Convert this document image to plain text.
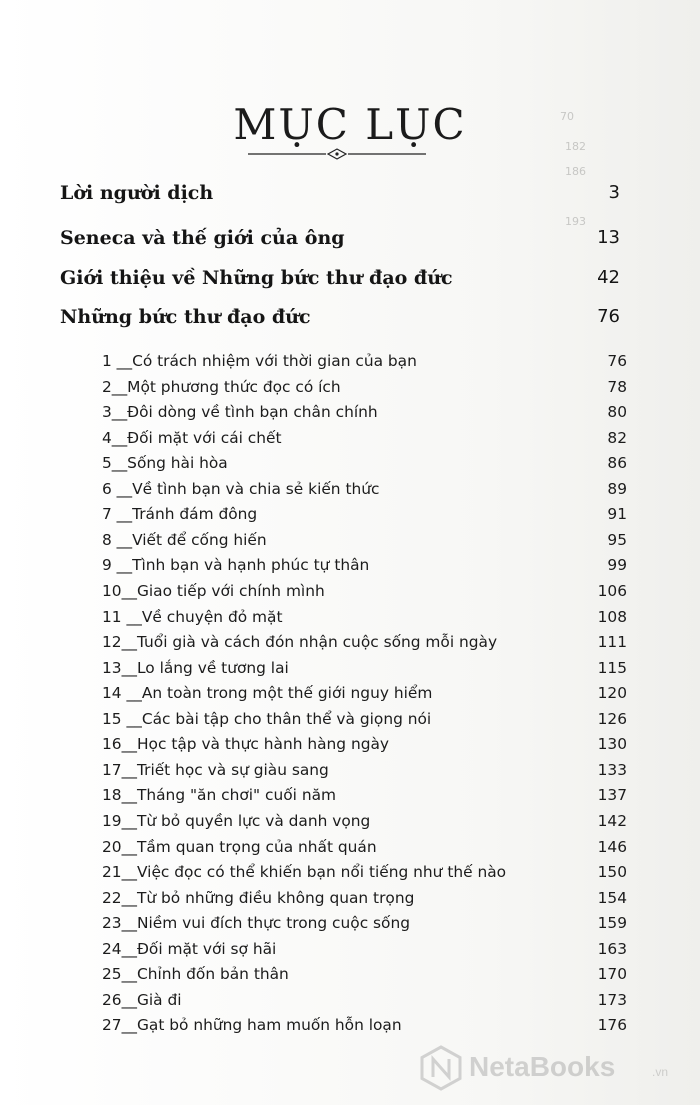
70
182
186
193
MỤC LỤC
Lời người dịch	3
Seneca và thế giới của ông	13
Giới thiệu về Những bức thư đạo đức	42
Những bức thư đạo đức	76
1 __Có trách nhiệm với thời gian của bạn	76
2__Một phương thức đọc có ích	78
3__Đôi dòng về tình bạn chân chính	80
4__Đối mặt với cái chết	82
5__Sống hài hòa	86
6 __Về tình bạn và chia sẻ kiến thức	89
7 __Tránh đám đông	91
8 __Viết để cống hiến	95
9 __Tình bạn và hạnh phúc tự thân	99
10__Giao tiếp với chính mình	106
11 __Về chuyện đỏ mặt	108
12__Tuổi già và cách đón nhận cuộc sống mỗi ngày	111
13__Lo lắng về tương lai	115
14 __An toàn trong một thế giới nguy hiểm	120
15 __Các bài tập cho thân thể và giọng nói	126
16__Học tập và thực hành hàng ngày	130
17__Triết học và sự giàu sang	133
18__Tháng "ăn chơi" cuối năm	137
19__Từ bỏ quyền lực và danh vọng	142
20__Tầm quan trọng của nhất quán	146
21__Việc đọc có thể khiến bạn nổi tiếng như thế nào	150
22__Từ bỏ những điều không quan trọng	154
23__Niềm vui đích thực trong cuộc sống	159
24__Đối mặt với sợ hãi	163
25__Chỉnh đốn bản thân	170
26__Già đi	173
27__Gạt bỏ những ham muốn hỗn loạn	176
NetaBooks	.vn
